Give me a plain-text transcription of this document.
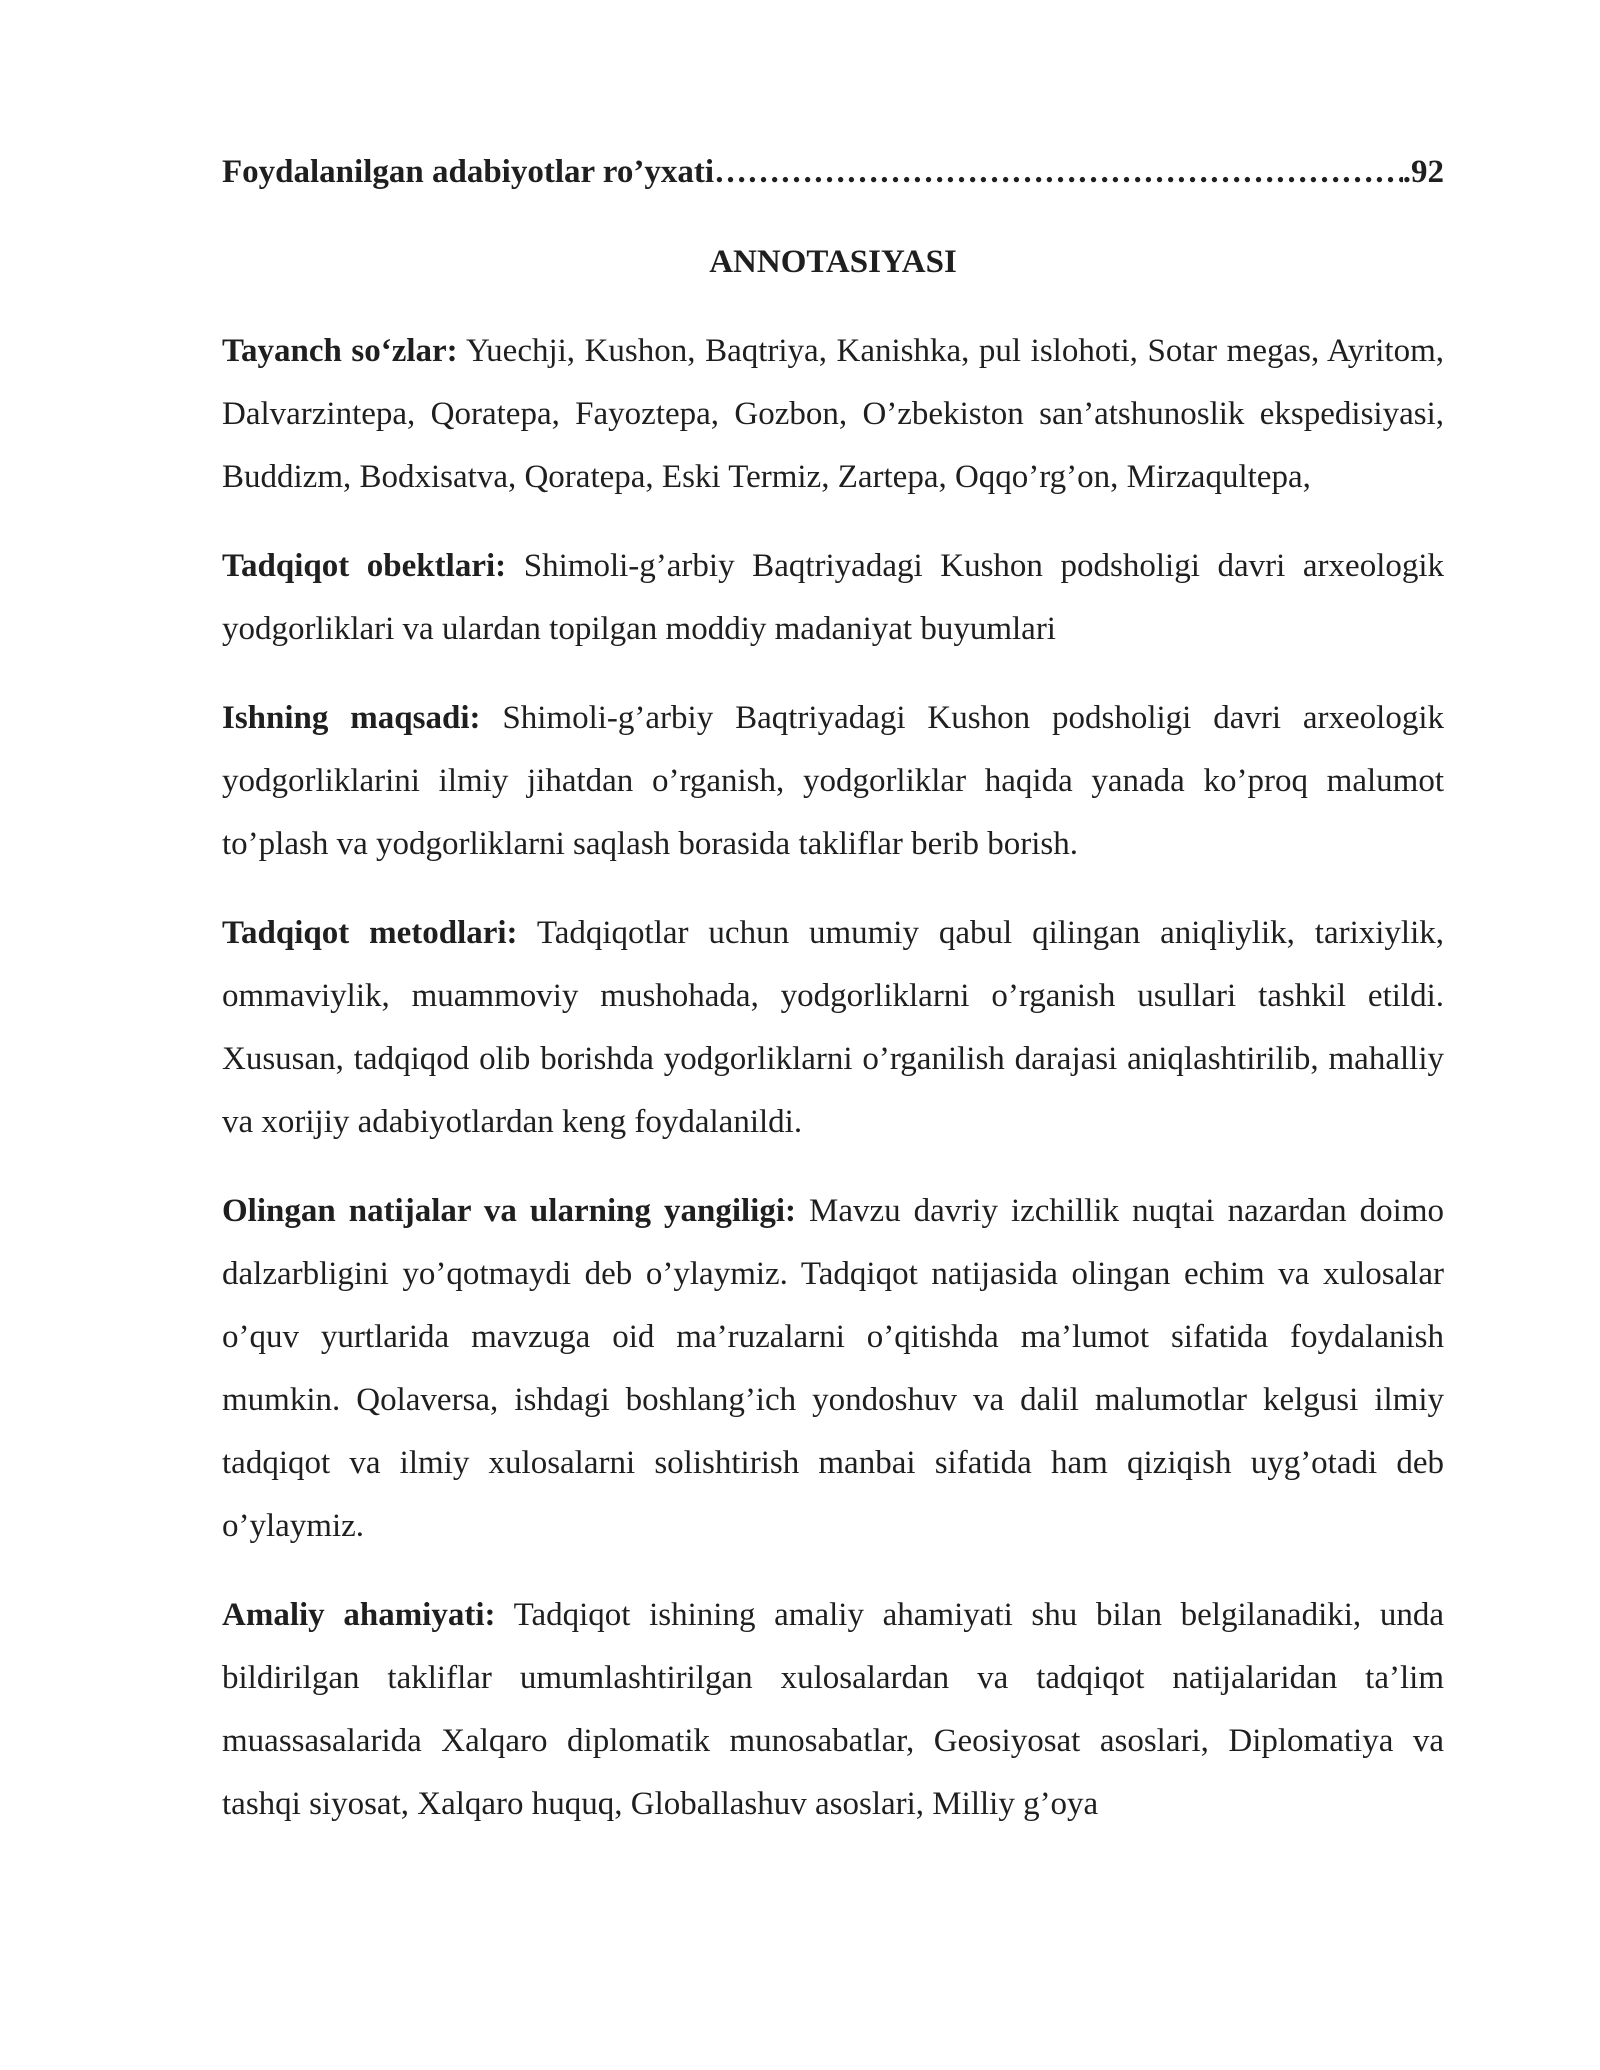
Foydalanilgan adabiyotlar ro’yxati
…………………………………………………………………………………………………………………………………………………………	.92
ANNOTASIYASI

Tayanch so‘zlar: Yuechji, Kushon, Baqtriya, Kanishka, pul islohoti, Sotar megas, Ayritom, Dalvarzintepa, Qoratepa, Fayoztepa, Gozbon, O’zbekiston san’atshunoslik ekspedisiyasi, Buddizm, Bodxisatva, Qoratepa, Eski Termiz, Zartepa, Oqqo’rg’on, Mirzaqultepa,

Tadqiqot obektlari: Shimoli-g’arbiy Baqtriyadagi Kushon podsholigi davri arxeologik yodgorliklari va ulardan topilgan moddiy madaniyat buyumlari

Ishning maqsadi: Shimoli-g’arbiy Baqtriyadagi Kushon podsholigi davri arxeologik yodgorliklarini ilmiy jihatdan o’rganish, yodgorliklar haqida yanada ko’proq malumot to’plash va yodgorliklarni saqlash borasida takliflar berib borish.

Tadqiqot metodlari: Tadqiqotlar uchun umumiy qabul qilingan aniqliylik, tarixiylik, ommaviylik, muammoviy mushohada, yodgorliklarni o’rganish usullari tashkil etildi. Xususan, tadqiqod olib borishda yodgorliklarni o’rganilish darajasi aniqlashtirilib, mahalliy va xorijiy adabiyotlardan keng foydalanildi.

Olingan natijalar va ularning yangiligi: Mavzu davriy izchillik nuqtai nazardan doimo dalzarbligini yo’qotmaydi deb o’ylaymiz. Tadqiqot natijasida olingan echim va xulosalar o’quv yurtlarida mavzuga oid ma’ruzalarni o’qitishda ma’lumot sifatida foydalanish mumkin. Qolaversa, ishdagi boshlang’ich yondoshuv va dalil malumotlar kelgusi ilmiy tadqiqot va ilmiy xulosalarni solishtirish manbai sifatida ham qiziqish uyg’otadi deb o’ylaymiz.

Amaliy ahamiyati: Tadqiqot ishining amaliy ahamiyati shu bilan belgilanadiki, unda bildirilgan takliflar umumlashtirilgan xulosalardan va tadqiqot natijalaridan ta’lim muassasalarida Xalqaro diplomatik munosabatlar, Geosiyosat asoslari, Diplomatiya va tashqi siyosat, Xalqaro huquq, Globallashuv asoslari, Milliy g’oya
